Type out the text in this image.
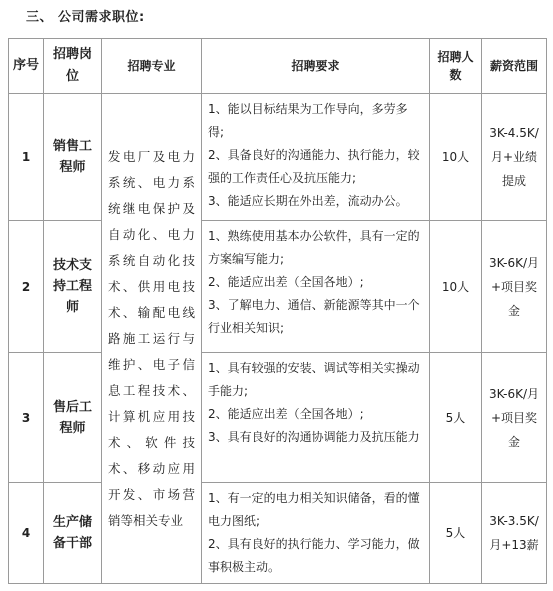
三、 公司需求职位:
序号	招聘岗位	招聘专业	招聘要求	招聘人数	薪资范围
1	销售工程师	发电厂及电力系统、电力系统继电保护及自动化、电力系统自动化技术、供用电技术、输配电线路施工运行与维护、电子信息工程技术、计算机应用技术、软件技术、移动应用开发、市场营销等相关专业	1、能以目标结果为工作导向，多劳多得;
2、具备良好的沟通能力、执行能力，较强的工作责任心及抗压能力;
3、能适应长期在外出差，流动办公。	10人	3K-4.5K/月+业绩提成
2	技术支持工程师		1、熟练使用基本办公软件，具有一定的方案编写能力;
2、能适应出差（全国各地）;
3、了解电力、通信、新能源等其中一个行业相关知识;	10人	3K-6K/月+项目奖金
3	售后工程师		1、具有较强的安装、调试等相关实操动手能力;
2、能适应出差（全国各地）;
3、具有良好的沟通协调能力及抗压能力	5人	3K-6K/月+项目奖金
4	生产储备干部		1、有一定的电力相关知识储备，看的懂电力图纸;
2、具有良好的执行能力、学习能力，做事积极主动。	5人	3K-3.5K/月+13薪
